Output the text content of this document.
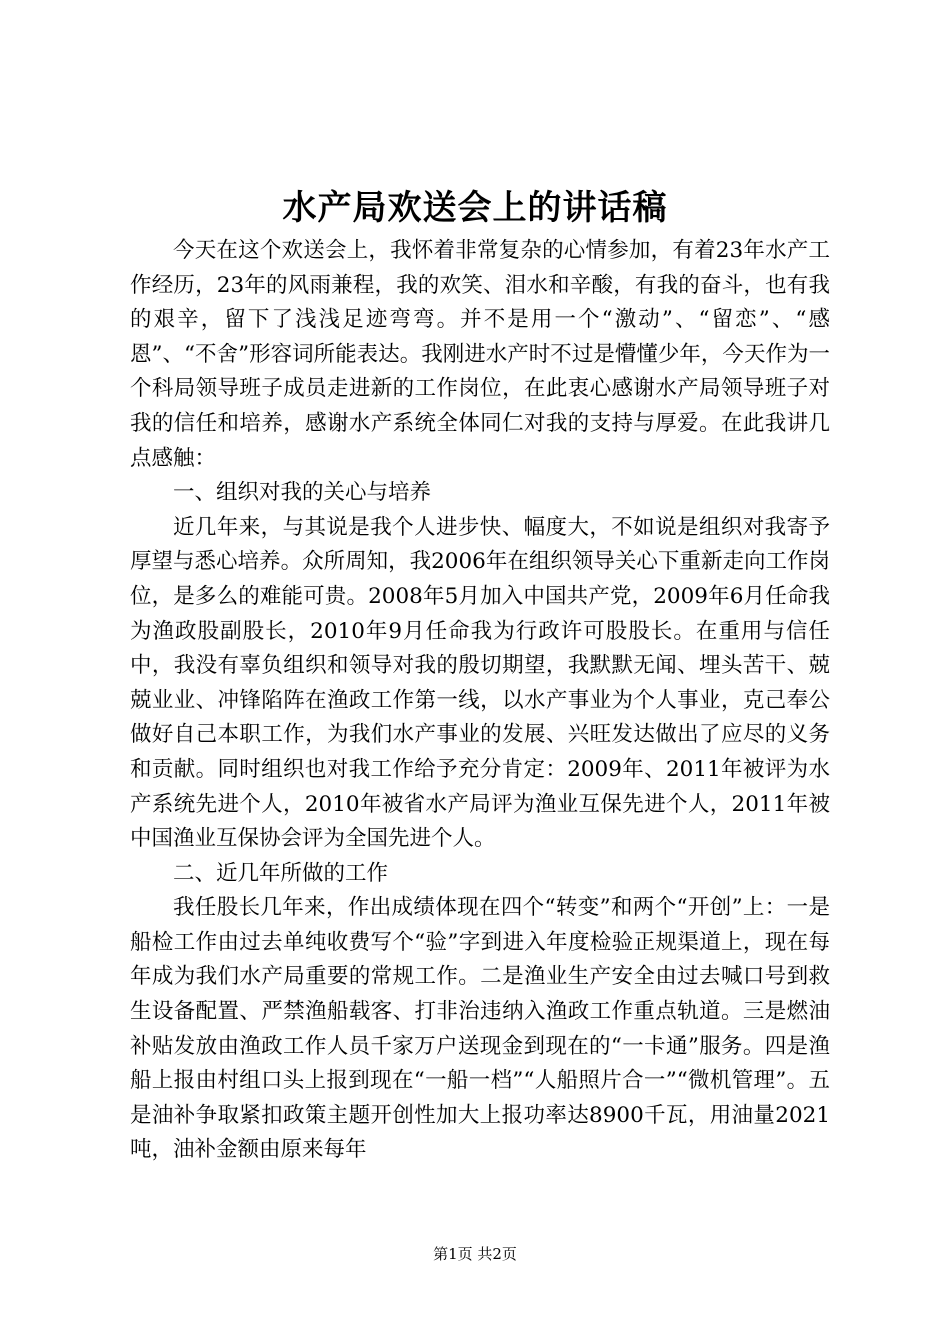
水产局欢送会上的讲话稿

今天在这个欢送会上，我怀着非常复杂的心情参加，有着23年水产工作经历，23年的风雨兼程，我的欢笑、泪水和辛酸，有我的奋斗，也有我的艰辛，留下了浅浅足迹弯弯。并不是用一个“激动”、“留恋”、“感恩”、“不舍”形容词所能表达。我刚进水产时不过是懵懂少年，今天作为一个科局领导班子成员走进新的工作岗位，在此衷心感谢水产局领导班子对我的信任和培养，感谢水产系统全体同仁对我的支持与厚爱。在此我讲几点感触：

一、组织对我的关心与培养

近几年来，与其说是我个人进步快、幅度大，不如说是组织对我寄予厚望与悉心培养。众所周知，我2006年在组织领导关心下重新走向工作岗位，是多么的难能可贵。2008年5月加入中国共产党，2009年6月任命我为渔政股副股长，2010年9月任命我为行政许可股股长。在重用与信任中，我没有辜负组织和领导对我的殷切期望，我默默无闻、埋头苦干、兢兢业业、冲锋陷阵在渔政工作第一线，以水产事业为个人事业，克己奉公做好自己本职工作，为我们水产事业的发展、兴旺发达做出了应尽的义务和贡献。同时组织也对我工作给予充分肯定：2009年、2011年被评为水产系统先进个人，2010年被省水产局评为渔业互保先进个人，2011年被中国渔业互保协会评为全国先进个人。

二、近几年所做的工作

我任股长几年来，作出成绩体现在四个“转变”和两个“开创”上：一是船检工作由过去单纯收费写个“验”字到进入年度检验正规渠道上，现在每年成为我们水产局重要的常规工作。二是渔业生产安全由过去喊口号到救生设备配置、严禁渔船载客、打非治违纳入渔政工作重点轨道。三是燃油补贴发放由渔政工作人员千家万户送现金到现在的“一卡通”服务。四是渔船上报由村组口头上报到现在“一船一档”“人船照片合一”“微机管理”。五是油补争取紧扣政策主题开创性加大上报功率达8900千瓦，用油量2021吨，油补金额由原来每年

第1页 共2页
